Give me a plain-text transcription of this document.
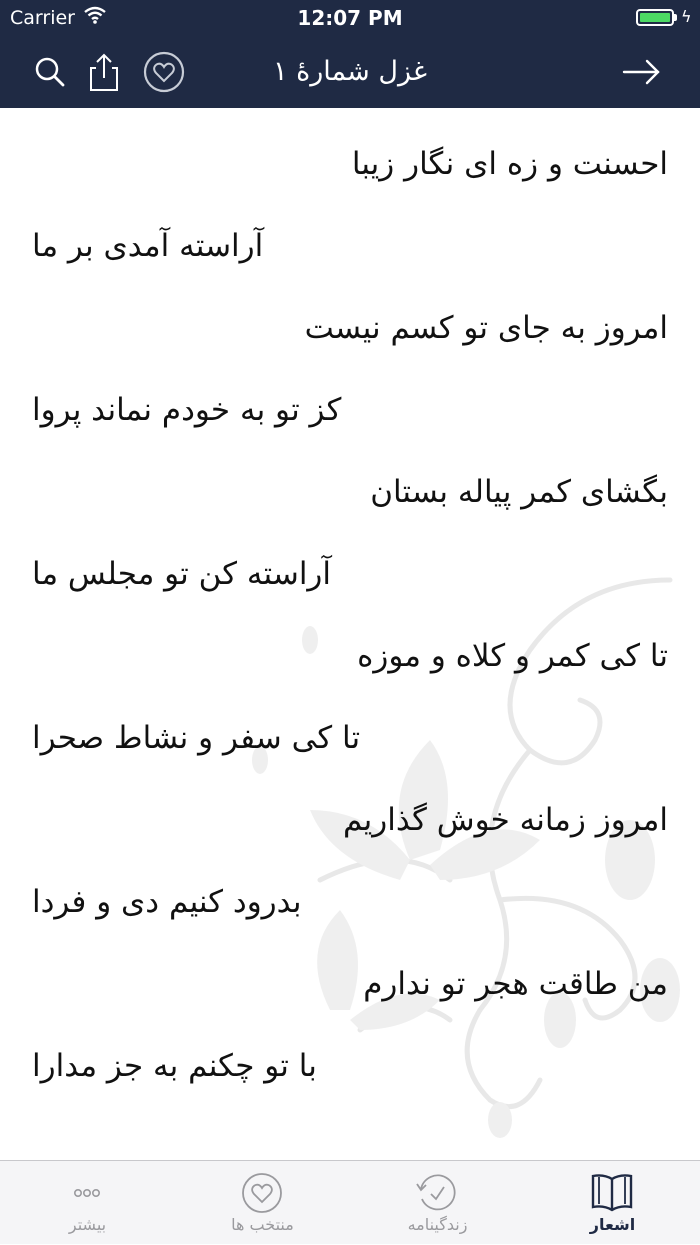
Carrier	12:07 PM	ϟ
غزل شمارهٔ ۱
احسنت و زه ای نگار زیبا
آراسته آمدی بر ما
امروز به جای تو کسم نیست
کز تو به خودم نماند پروا
بگشای کمر پیاله بستان
آراسته کن تو مجلس ما
تا کی کمر و کلاه و موزه
تا کی سفر و نشاط صحرا
امروز زمانه خوش گذاریم
بدرود کنیم دی و فردا
من طاقت هجر تو ندارم
با تو چکنم به جز مدارا
بیشتر	منتخب ها	زندگینامه	اشعار
